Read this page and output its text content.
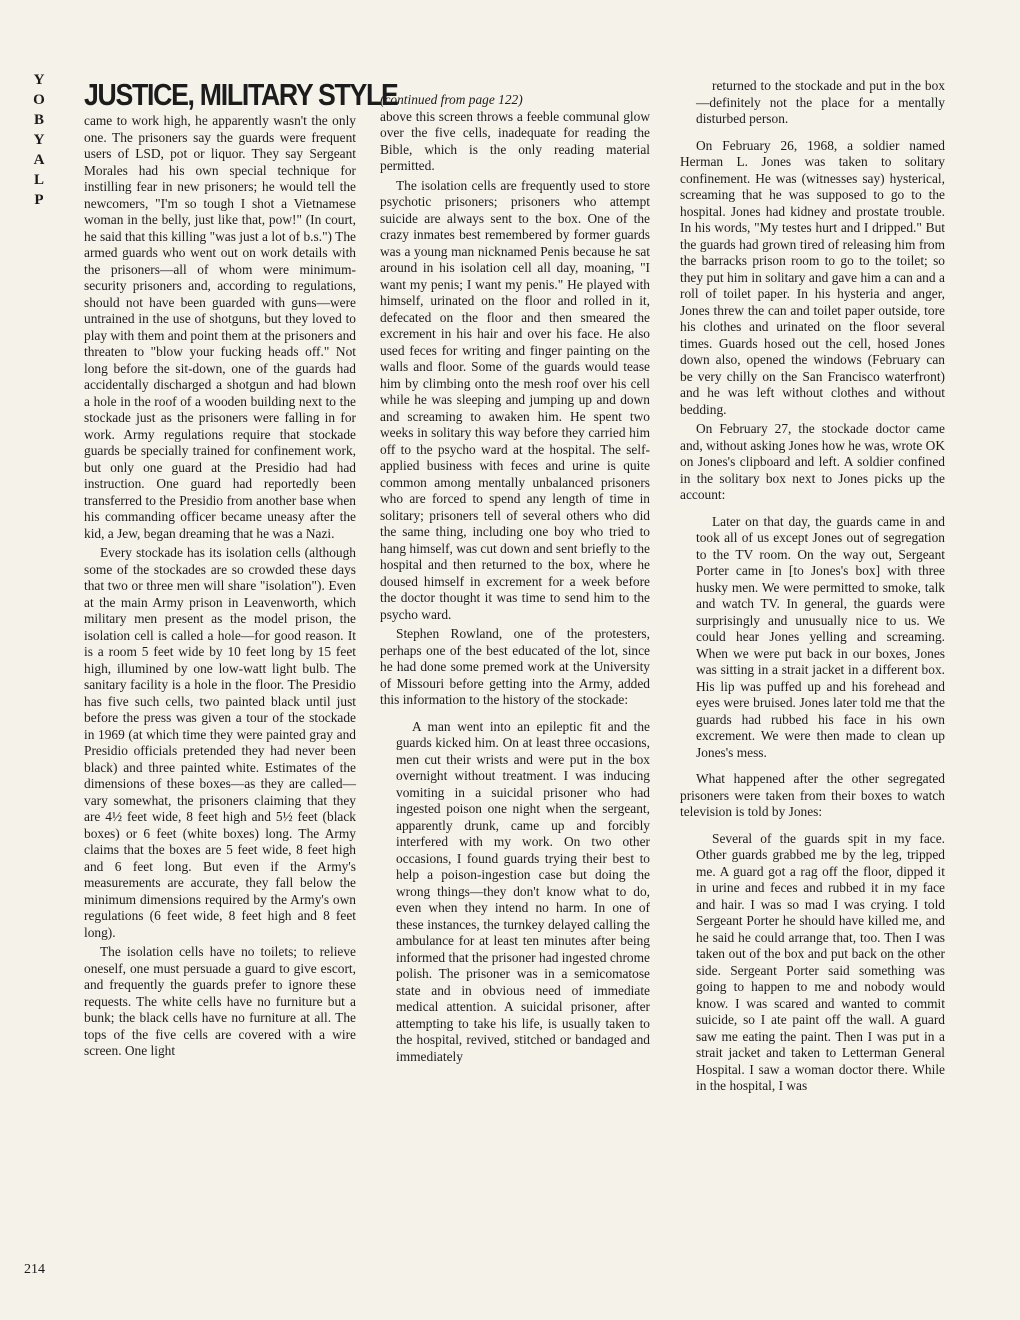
Y
O
B
Y
A
L
P
214
JUSTICE, MILITARY STYLE

came to work high, he apparently wasn't the only one. The prisoners say the guards were frequent users of LSD, pot or liquor. They say Sergeant Morales had his own special technique for instilling fear in new prisoners; he would tell the newcomers, "I'm so tough I shot a Vietnamese woman in the belly, just like that, pow!" (In court, he said that this killing "was just a lot of b.s.") The armed guards who went out on work details with the prisoners—all of whom were minimum-security prisoners and, according to regulations, should not have been guarded with guns—were untrained in the use of shotguns, but they loved to play with them and point them at the prisoners and threaten to "blow your fucking heads off." Not long before the sit-down, one of the guards had accidentally discharged a shotgun and had blown a hole in the roof of a wooden building next to the stockade just as the prisoners were falling in for work. Army regulations require that stockade guards be specially trained for confinement work, but only one guard at the Presidio had had instruction. One guard had reportedly been transferred to the Presidio from another base when his commanding officer became uneasy after the kid, a Jew, began dreaming that he was a Nazi.

Every stockade has its isolation cells (although some of the stockades are so crowded these days that two or three men will share "isolation"). Even at the main Army prison in Leavenworth, which military men present as the model prison, the isolation cell is called a hole—for good reason. It is a room 5 feet wide by 10 feet long by 15 feet high, illumined by one low-watt light bulb. The sanitary facility is a hole in the floor. The Presidio has five such cells, two painted black until just before the press was given a tour of the stockade in 1969 (at which time they were painted gray and Presidio officials pretended they had never been black) and three painted white. Estimates of the dimensions of these boxes—as they are called—vary somewhat, the prisoners claiming that they are 4½ feet wide, 8 feet high and 5½ feet (black boxes) or 6 feet (white boxes) long. The Army claims that the boxes are 5 feet wide, 8 feet high and 6 feet long. But even if the Army's measurements are accurate, they fall below the minimum dimensions required by the Army's own regulations (6 feet wide, 8 feet high and 8 feet long).

The isolation cells have no toilets; to relieve oneself, one must persuade a guard to give escort, and frequently the guards prefer to ignore these requests. The white cells have no furniture but a bunk; the black cells have no furniture at all. The tops of the five cells are covered with a wire screen. One light

(continued from page 122)

above this screen throws a feeble communal glow over the five cells, inadequate for reading the Bible, which is the only reading material permitted.

The isolation cells are frequently used to store psychotic prisoners; prisoners who attempt suicide are always sent to the box. One of the crazy inmates best remembered by former guards was a young man nicknamed Penis because he sat around in his isolation cell all day, moaning, "I want my penis; I want my penis." He played with himself, urinated on the floor and rolled in it, defecated on the floor and then smeared the excrement in his hair and over his face. He also used feces for writing and finger painting on the walls and floor. Some of the guards would tease him by climbing onto the mesh roof over his cell while he was sleeping and jumping up and down and screaming to awaken him. He spent two weeks in solitary this way before they carried him off to the psycho ward at the hospital. The self-applied business with feces and urine is quite common among mentally unbalanced prisoners who are forced to spend any length of time in solitary; prisoners tell of several others who did the same thing, including one boy who tried to hang himself, was cut down and sent briefly to the hospital and then returned to the box, where he doused himself in excrement for a week before the doctor thought it was time to send him to the psycho ward.

Stephen Rowland, one of the protesters, perhaps one of the best educated of the lot, since he had done some premed work at the University of Missouri before getting into the Army, added this information to the history of the stockade:

A man went into an epileptic fit and the guards kicked him. On at least three occasions, men cut their wrists and were put in the box overnight without treatment. I was inducing vomiting in a suicidal prisoner who had ingested poison one night when the sergeant, apparently drunk, came up and forcibly interfered with my work. On two other occasions, I found guards trying their best to help a poison-ingestion case but doing the wrong things—they don't know what to do, even when they intend no harm. In one of these instances, the turnkey delayed calling the ambulance for at least ten minutes after being informed that the prisoner had ingested chrome polish. The prisoner was in a semicomatose state and in obvious need of immediate medical attention. A suicidal prisoner, after attempting to take his life, is usually taken to the hospital, revived, stitched or bandaged and immediately

returned to the stockade and put in the box—definitely not the place for a mentally disturbed person.

On February 26, 1968, a soldier named Herman L. Jones was taken to solitary confinement. He was (witnesses say) hysterical, screaming that he was supposed to go to the hospital. Jones had kidney and prostate trouble. In his words, "My testes hurt and I dripped." But the guards had grown tired of releasing him from the barracks prison room to go to the toilet; so they put him in solitary and gave him a can and a roll of toilet paper. In his hysteria and anger, Jones threw the can and toilet paper outside, tore his clothes and urinated on the floor several times. Guards hosed out the cell, hosed Jones down also, opened the windows (February can be very chilly on the San Francisco waterfront) and he was left without clothes and without bedding.

On February 27, the stockade doctor came and, without asking Jones how he was, wrote OK on Jones's clipboard and left. A soldier confined in the solitary box next to Jones picks up the account:

Later on that day, the guards came in and took all of us except Jones out of segregation to the TV room. On the way out, Sergeant Porter came in [to Jones's box] with three husky men. We were permitted to smoke, talk and watch TV. In general, the guards were surprisingly and unusually nice to us. We could hear Jones yelling and screaming. When we were put back in our boxes, Jones was sitting in a strait jacket in a different box. His lip was puffed up and his forehead and eyes were bruised. Jones later told me that the guards had rubbed his face in his own excrement. We were then made to clean up Jones's mess.

What happened after the other segregated prisoners were taken from their boxes to watch television is told by Jones:

Several of the guards spit in my face. Other guards grabbed me by the leg, tripped me. A guard got a rag off the floor, dipped it in urine and feces and rubbed it in my face and hair. I was so mad I was crying. I told Sergeant Porter he should have killed me, and he said he could arrange that, too. Then I was taken out of the box and put back on the other side. Sergeant Porter said something was going to happen to me and nobody would know. I was scared and wanted to commit suicide, so I ate paint off the wall. A guard saw me eating the paint. Then I was put in a strait jacket and taken to Letterman General Hospital. I saw a woman doctor there. While in the hospital, I was
